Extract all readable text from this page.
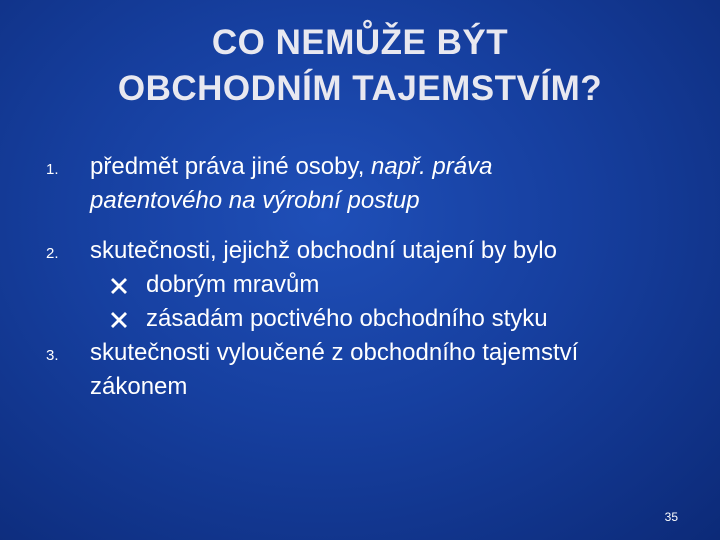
CO NEMŮŽE BÝT
OBCHODNÍM TAJEMSTVÍM?
1. předmět práva jiné osoby, např. práva
patentového na výrobní postup
2. skutečnosti, jejichž obchodní utajení by bylo
dobrým mravům
zásadám poctivého obchodního styku
3. skutečnosti vyloučené z obchodního tajemství
zákonem
35
